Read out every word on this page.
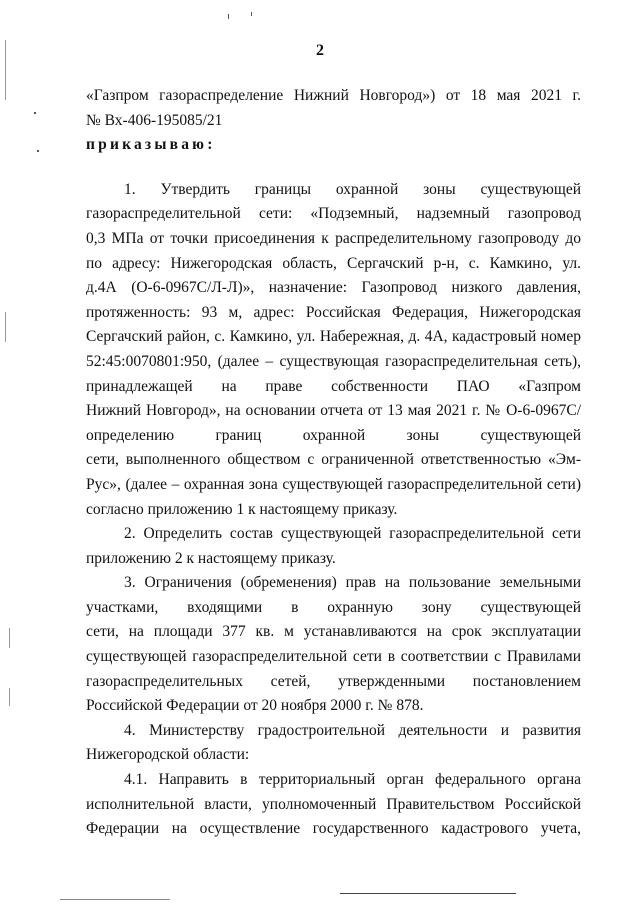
2
«Газпром газораспределение Нижний Новгород») от 18 мая 2021 г.
№ Вх-406-195085/21
приказываю:
1. Утвердить границы охранной зоны существующей
газораспределительной сети: «Подземный, надземный газопровод
0,3 МПа от точки присоединения к распределительному газопроводу до
по адресу: Нижегородская область, Сергачский р-н, с. Камкино, ул.
д.4А (О-6-0967С/Л-Л)», назначение: Газопровод низкого давления,
протяженность: 93 м, адрес: Российская Федерация, Нижегородская
Сергачский район, с. Камкино, ул. Набережная, д. 4А, кадастровый номер
52:45:0070801:950, (далее – существующая газораспределительная сеть),
принадлежащей на праве собственности ПАО «Газпром
Нижний Новгород», на основании отчета от 13 мая 2021 г. № О-6-0967С/
определению границ охранной зоны существующей
сети, выполненного обществом с ограниченной ответственностью «Эм-
Рус», (далее – охранная зона существующей газораспределительной сети)
согласно приложению 1 к настоящему приказу.
2. Определить состав существующей газораспределительной сети
приложению 2 к настоящему приказу.
3. Ограничения (обременения) прав на пользование земельными
участками, входящими в охранную зону существующей
сети, на площади 377 кв. м устанавливаются на срок эксплуатации
существующей газораспределительной сети в соответствии с Правилами
газораспределительных сетей, утвержденными постановлением
Российской Федерации от 20 ноября 2000 г. № 878.
4. Министерству градостроительной деятельности и развития
Нижегородской области:
4.1. Направить в территориальный орган федерального органа
исполнительной власти, уполномоченный Правительством Российской
Федерации на осуществление государственного кадастрового учета,
